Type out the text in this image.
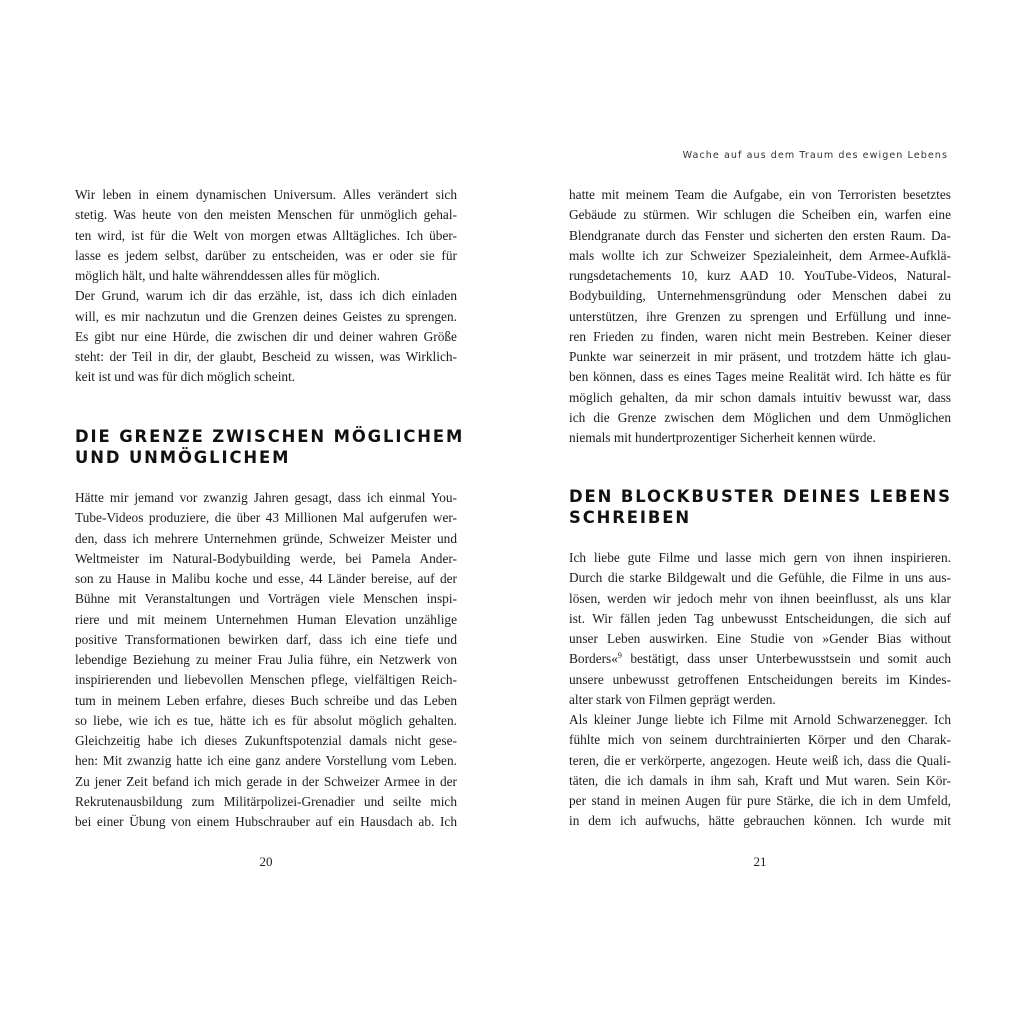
Wir leben in einem dynamischen Universum. Alles verändert sich
stetig. Was heute von den meisten Menschen für unmöglich gehal-
ten wird, ist für die Welt von morgen etwas Alltägliches. Ich über-
lasse es jedem selbst, darüber zu entscheiden, was er oder sie für
möglich hält, und halte währenddessen alles für möglich.
Der Grund, warum ich dir das erzähle, ist, dass ich dich einladen
will, es mir nachzutun und die Grenzen deines Geistes zu sprengen.
Es gibt nur eine Hürde, die zwischen dir und deiner wahren Größe
steht: der Teil in dir, der glaubt, Bescheid zu wissen, was Wirklich-
keit ist und was für dich möglich scheint.
DIE GRENZE ZWISCHEN MÖGLICHEM
UND UNMÖGLICHEM
Hätte mir jemand vor zwanzig Jahren gesagt, dass ich einmal You-
Tube-Videos produziere, die über 43 Millionen Mal aufgerufen wer-
den, dass ich mehrere Unternehmen gründe, Schweizer Meister und
Weltmeister im Natural-Bodybuilding werde, bei Pamela Ander-
son zu Hause in Malibu koche und esse, 44 Länder bereise, auf der
Bühne mit Veranstaltungen und Vorträgen viele Menschen inspi-
riere und mit meinem Unternehmen Human Elevation unzählige
positive Transformationen bewirken darf, dass ich eine tiefe und
lebendige Beziehung zu meiner Frau Julia führe, ein Netzwerk von
inspirierenden und liebevollen Menschen pflege, vielfältigen Reich-
tum in meinem Leben erfahre, dieses Buch schreibe und das Leben
so liebe, wie ich es tue, hätte ich es für absolut möglich gehalten.
Gleichzeitig habe ich dieses Zukunftspotenzial damals nicht gese-
hen: Mit zwanzig hatte ich eine ganz andere Vorstellung vom Leben.
Zu jener Zeit befand ich mich gerade in der Schweizer Armee in der
Rekrutenausbildung zum Militärpolizei-Grenadier und seilte mich
bei einer Übung von einem Hubschrauber auf ein Hausdach ab. Ich
20
Wache auf aus dem Traum des ewigen Lebens
hatte mit meinem Team die Aufgabe, ein von Terroristen besetztes
Gebäude zu stürmen. Wir schlugen die Scheiben ein, warfen eine
Blendgranate durch das Fenster und sicherten den ersten Raum. Da-
mals wollte ich zur Schweizer Spezialeinheit, dem Armee-Aufklä-
rungsdetachements 10, kurz AAD 10. YouTube-Videos, Natural-
Bodybuilding, Unternehmensgründung oder Menschen dabei zu
unterstützen, ihre Grenzen zu sprengen und Erfüllung und inne-
ren Frieden zu finden, waren nicht mein Bestreben. Keiner dieser
Punkte war seinerzeit in mir präsent, und trotzdem hätte ich glau-
ben können, dass es eines Tages meine Realität wird. Ich hätte es für
möglich gehalten, da mir schon damals intuitiv bewusst war, dass
ich die Grenze zwischen dem Möglichen und dem Unmöglichen
niemals mit hundertprozentiger Sicherheit kennen würde.
DEN BLOCKBUSTER DEINES LEBENS
SCHREIBEN
Ich liebe gute Filme und lasse mich gern von ihnen inspirieren.
Durch die starke Bildgewalt und die Gefühle, die Filme in uns aus-
lösen, werden wir jedoch mehr von ihnen beeinflusst, als uns klar
ist. Wir fällen jeden Tag unbewusst Entscheidungen, die sich auf
unser Leben auswirken. Eine Studie von »Gender Bias without
Borders«$^9$ bestätigt, dass unser Unterbewusstsein und somit auch
unsere unbewusst getroffenen Entscheidungen bereits im Kindes-
alter stark von Filmen geprägt werden.
Als kleiner Junge liebte ich Filme mit Arnold Schwarzenegger. Ich
fühlte mich von seinem durchtrainierten Körper und den Charak-
teren, die er verkörperte, angezogen. Heute weiß ich, dass die Quali-
täten, die ich damals in ihm sah, Kraft und Mut waren. Sein Kör-
per stand in meinen Augen für pure Stärke, die ich in dem Umfeld,
in dem ich aufwuchs, hätte gebrauchen können. Ich wurde mit
21
